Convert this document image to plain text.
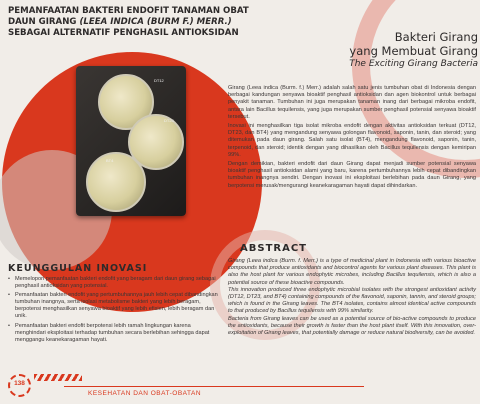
PEMANFAATAN BAKTERI ENDOFIT TANAMAN OBAT
DAUN GIRANG (LEEA INDICA (BURM F.) MERR.)
SEBAGAI ALTERNATIF PENGHASIL ANTIOKSIDAN
DT12
DT23
BT4
Bakteri Girang
yang Membuat Girang
The Exciting Girang Bacteria

Girang (Leea indica (Burm. f.) Merr.) adalah salah satu jenis tumbuhan obat di Indonesia dengan berbagai kandungan senyawa bioaktif penghasil antioksidan dan agen biokontrol untuk berbagai penyakit tanaman. Tumbuhan ini juga merupakan tanaman inang dari berbagai mikroba endofit, antara lain Bacillus tequilensis, yang juga merupakan sumber penghasil potensial senyawa bioaktif tersebut.

Inovasi ini menghasilkan tiga isolat mikroba endofit dengan aktivitas antioksidan terkuat (DT12, DT23, dan BT4) yang mengandung senyawa golongan flavonoid, saponin, tanin, dan steroid; yang ditemukan pada daun girang. Salah satu isolat (BT4), mengandung flavonoid, saponin, tanin, terpenoid, dan steroid; identik dengan yang dihasilkan oleh Bacillus tequilensis dengan kemiripan 99%.

Dengan demikian, bakteri endofit dari daun Girang dapat menjadi sumber potensial senyawa bioaktif penghasil antioksidan alami yang baru, karena pertumbuhannya lebih cepat dibandingkan tumbuhan inangnya sendiri. Dengan inovasi ini eksploitasi berlebihan pada daun Girang, yang berpotensi merusak/mengurangi keanekaragaman hayati dapat dihindarkan.

ABSTRACT

Girang (Leea indica (Burm. f. Merr.) is a type of medicinal plant in Indonesia with various bioactive compounds that produce antioxidants and biocontrol agents for various plant diseases. This plant is also the host plant for various endophytic microbes, including Bacillus tequilensis, which is also a potential source of these bioactive compounds.

This innovation produced three endophytic microbial isolates with the strongest antioxidant activity (DT12, DT23, and BT4) containing compounds of the flavonoid, saponin, tannin, and steroid groups; which is found in the Girang leaves. The BT4 isolates, contains almost identical active compounds to that produced by Bacillus tequilensis with 99% similarity.

Bacteria from Girang leaves can be used as a potential source of bio-active compounds to produce the antioxidants, because their growth is faster than the host plant itself. With this innovation, over-exploitation of Girang leaves, that potentially damage or reduce natural biodiversity, can be avoided.

KEUNGGULAN INOVASI
• Memelopori pemanfaatan bakteri endofit yang beragam dari daun girang sebagai penghasil antioksidan yang potensial.
• Pemanfaatan bakteri endofit yang pertumbuhannya jauh lebih cepat dibandingkan tumbuhan inangnya, serta isolasi metabolisme bakteri yang lebih beragam, berpotensi menghasilkan senyawa bioaktif yang lebih efisien, lebih beragam dan unik.
• Pemanfaatan bakteri endofit berpotensi lebih ramah lingkungan karena menghindari eksploitasi terhadap tumbuhan secara berlebihan sehingga dapat menggangu keanekaragaman hayati.
138
KESEHATAN DAN OBAT-OBATAN
